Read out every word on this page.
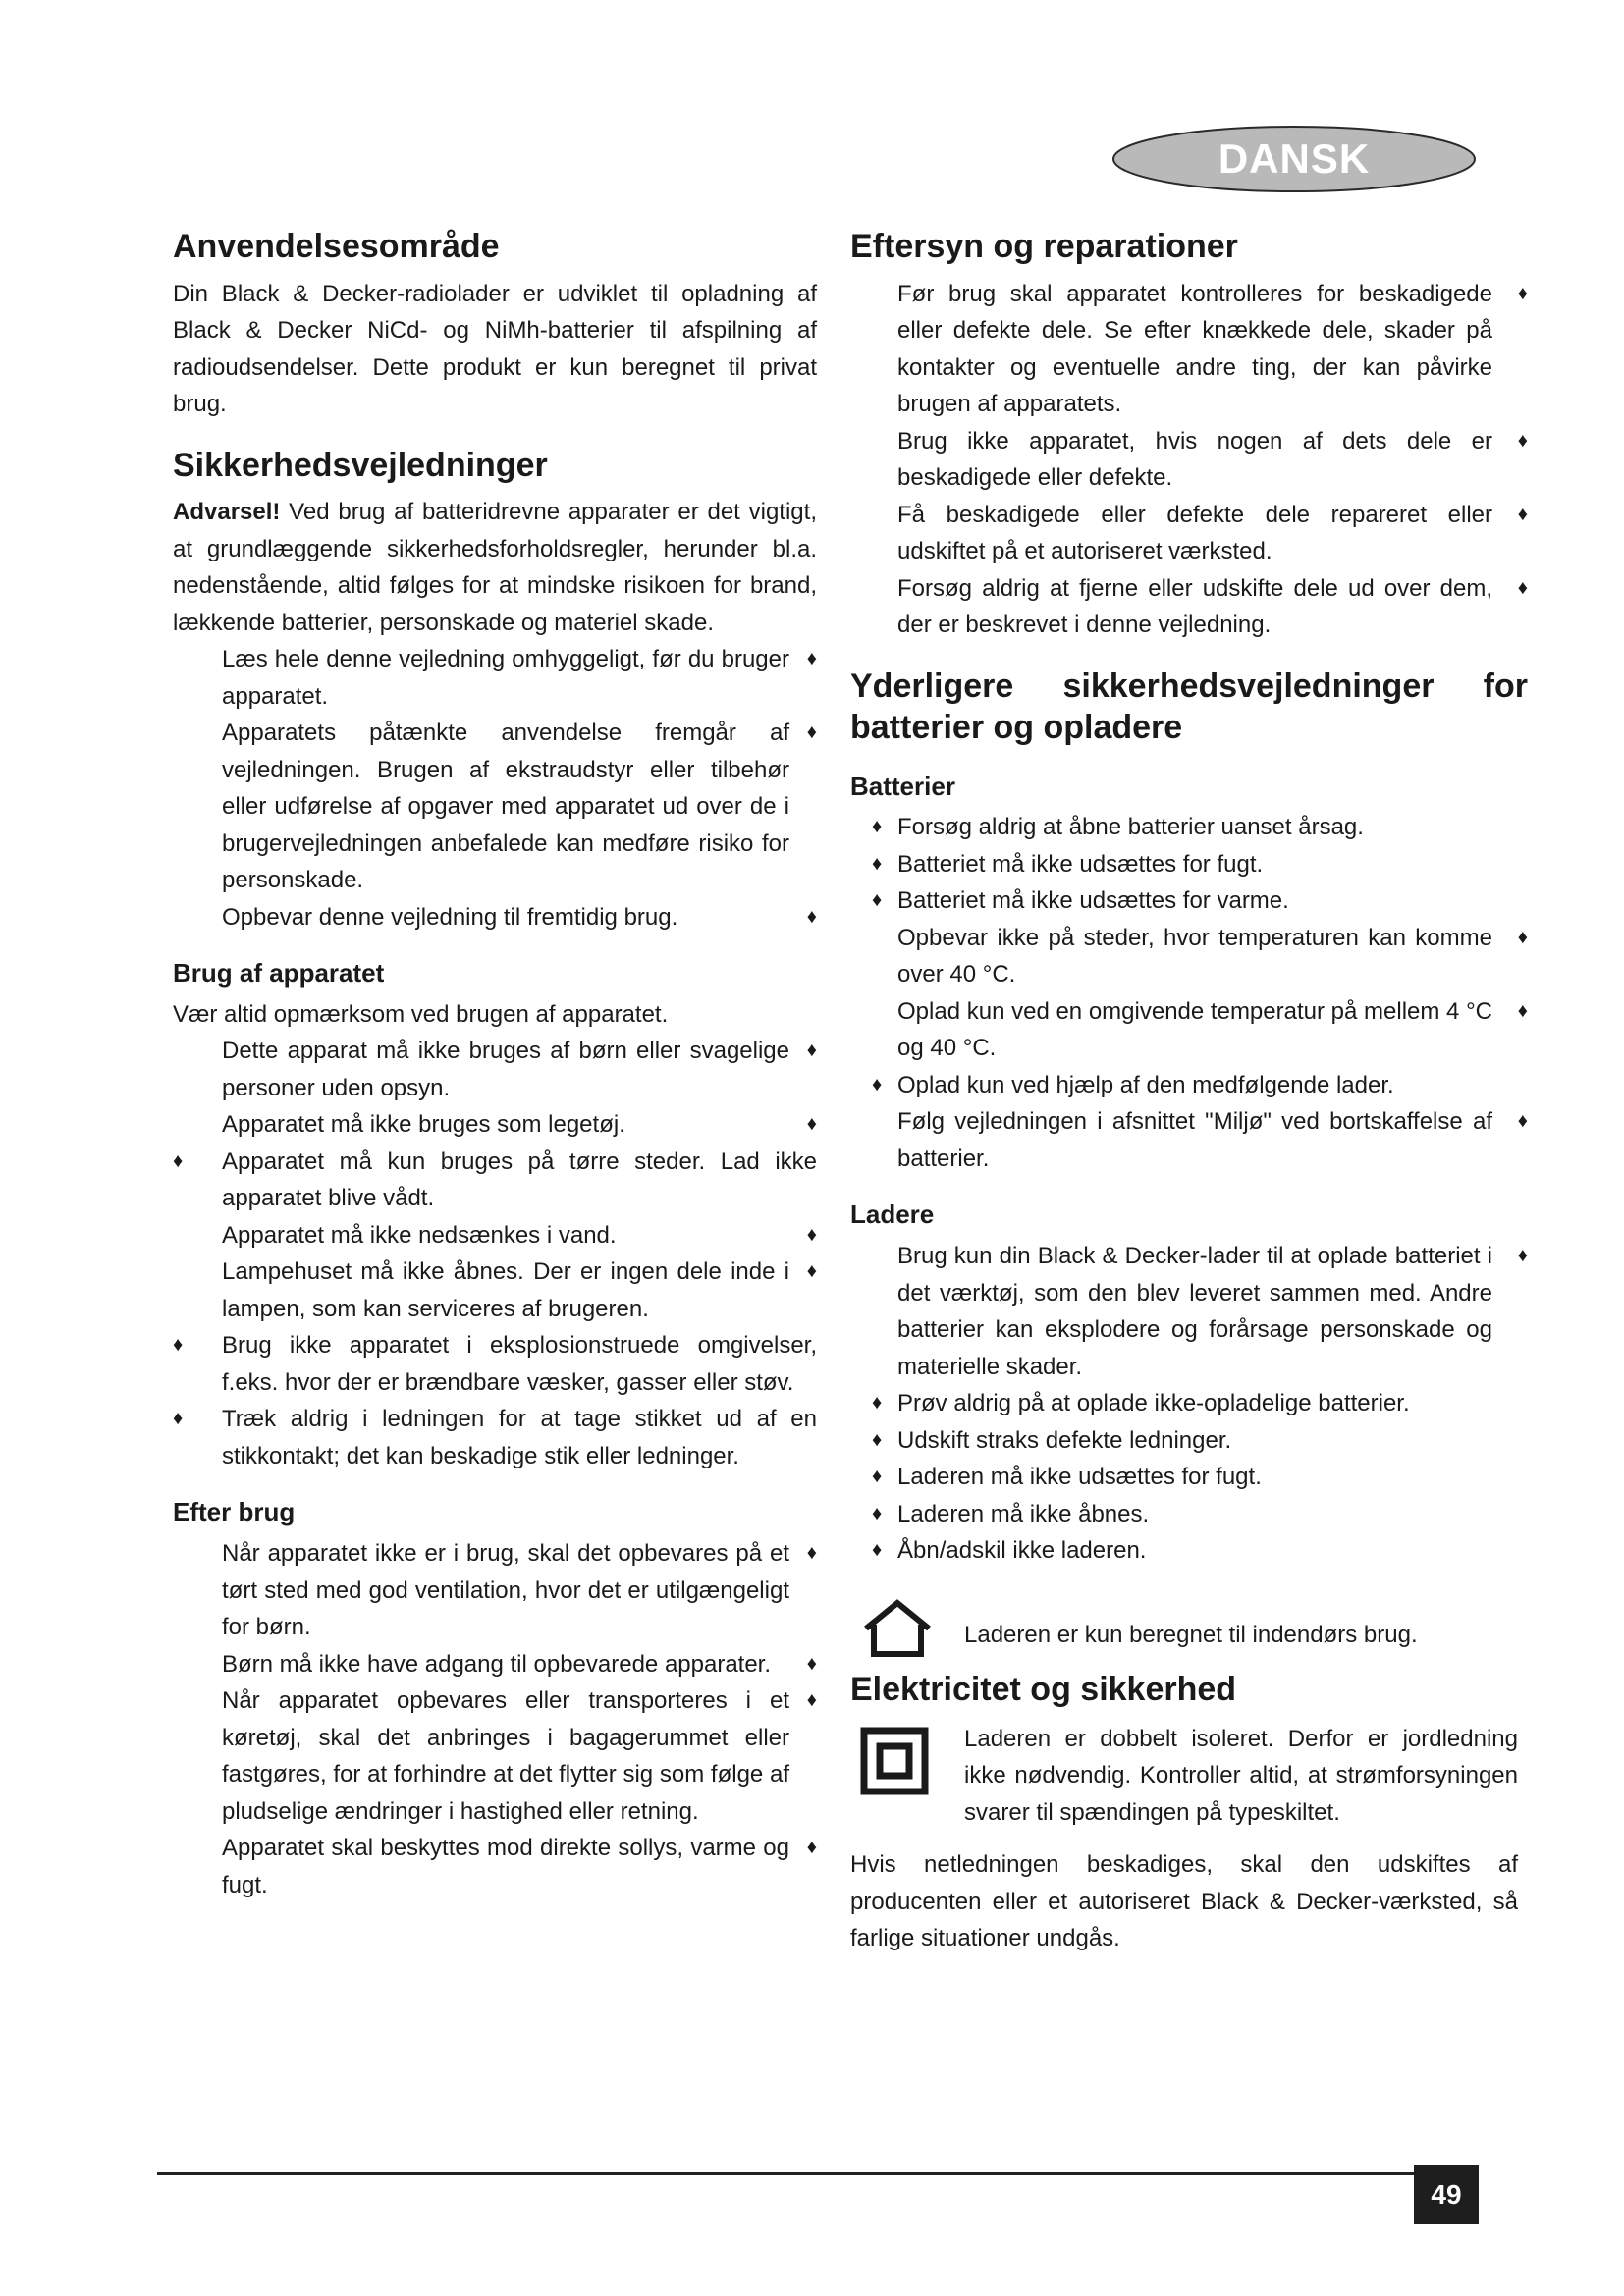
DANSK
Anvendelsesområde

Din Black & Decker-radiolader er udviklet til opladning af Black & Decker NiCd- og NiMh-batterier til afspilning af radioudsendelser. Dette produkt er kun beregnet til privat brug.

Sikkerhedsvejledninger

Advarsel! Ved brug af batteridrevne apparater er det vigtigt, at grundlæggende sikkerhedsforholdsregler, herunder bl.a. nedenstående, altid følges for at mindske risikoen for brand, lækkende batterier, personskade og materiel skade.

Læs hele denne vejledning omhyggeligt, før du bruger apparatet.
♦

Apparatets påtænkte anvendelse fremgår af vejledningen. Brugen af ekstraudstyr eller tilbehør eller udførelse af opgaver med apparatet ud over de i brugervejledningen anbefalede kan medføre risiko for personskade.
♦

Opbevar denne vejledning til fremtidig brug.	♦

Brug af apparatet

Vær altid opmærksom ved brugen af apparatet.

Dette apparat må ikke bruges af børn eller svagelige personer uden opsyn.
♦

Apparatet må ikke bruges som legetøj.	♦

♦ Apparatet må kun bruges på tørre steder. Lad ikke apparatet blive vådt.

Apparatet må ikke nedsænkes i vand.	♦

Lampehuset må ikke åbnes. Der er ingen dele inde i lampen, som kan serviceres af brugeren.
♦

♦ Brug ikke apparatet i eksplosionstruede omgivelser, f.eks. hvor der er brændbare væsker, gasser eller støv.

♦ Træk aldrig i ledningen for at tage stikket ud af en stikkontakt; det kan beskadige stik eller ledninger.

Efter brug

Når apparatet ikke er i brug, skal det opbevares på et tørt sted med god ventilation, hvor det er utilgængeligt for børn.
♦

Børn må ikke have adgang til opbevarede apparater. ♦

Når apparatet opbevares eller transporteres i et køretøj, skal det anbringes i bagagerummet eller fastgøres, for at forhindre at det flytter sig som følge af pludselige ændringer i hastighed eller retning.
♦

Apparatet skal beskyttes mod direkte sollys, varme og fugt.
♦

Eftersyn og reparationer

Før brug skal apparatet kontrolleres for beskadigede eller defekte dele. Se efter knækkede dele, skader på kontakter og eventuelle andre ting, der kan påvirke brugen af apparatets.
♦

Brug ikke apparatet, hvis nogen af dets dele er beskadigede eller defekte.
♦

Få beskadigede eller defekte dele repareret eller udskiftet på et autoriseret værksted.
♦

Forsøg aldrig at fjerne eller udskifte dele ud over dem, der er beskrevet i denne vejledning.
♦

Yderligere sikkerhedsvejledninger for batterier og opladere
Batterier

♦ Forsøg aldrig at åbne batterier uanset årsag.

♦ Batteriet må ikke udsættes for fugt.

♦ Batteriet må ikke udsættes for varme.

Opbevar ikke på steder, hvor temperaturen kan komme over 40 °C.
♦

Oplad kun ved en omgivende temperatur på mellem 4 °C og 40 °C.
♦

♦ Oplad kun ved hjælp af den medfølgende lader.

Følg vejledningen i afsnittet "Miljø" ved bortskaffelse af batterier.
♦

Ladere

Brug kun din Black & Decker-lader til at oplade batteriet i det værktøj, som den blev leveret sammen med. Andre batterier kan eksplodere og forårsage personskade og materielle skader.
♦

♦ Prøv aldrig på at oplade ikke-opladelige batterier.

♦ Udskift straks defekte ledninger.

♦ Laderen må ikke udsættes for fugt.

♦ Laderen må ikke åbnes.

♦ Åbn/adskil ikke laderen.

Laderen er kun beregnet til indendørs brug.

Elektricitet og sikkerhed

Laderen er dobbelt isoleret. Derfor er jordledning ikke nødvendig. Kontroller altid, at strømforsyningen svarer til spændingen på typeskiltet.

Hvis netledningen beskadiges, skal den udskiftes af producenten eller et autoriseret Black & Decker-værksted, så farlige situationer undgås.

49
